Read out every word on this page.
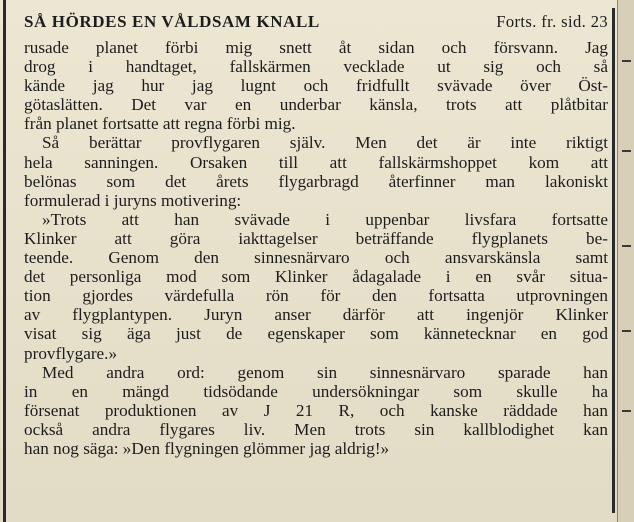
SÅ HÖRDES EN VÅLDSAM KNALL	Forts. fr. sid. 23
rusade planet förbi mig snett åt sidan och försvann. Jag
drog i handtaget, fallskärmen vecklade ut sig och så
kände jag hur jag lugnt och fridfullt svävade över Öst-
götaslätten. Det var en underbar känsla, trots att plåtbitar
från planet fortsatte att regna förbi mig.
Så berättar provflygaren själv. Men det är inte riktigt
hela sanningen. Orsaken till att fallskärmshoppet kom att
belönas som det årets flygarbragd återfinner man lakoniskt
formulerad i juryns motivering:
»Trots att han svävade i uppenbar livsfara fortsatte
Klinker att göra iakttagelser beträffande flygplanets be-
teende. Genom den sinnesnärvaro och ansvarskänsla samt
det personliga mod som Klinker ådagalade i en svår situa-
tion gjordes värdefulla rön för den fortsatta utprovningen
av flygplantypen. Juryn anser därför att ingenjör Klinker
visat sig äga just de egenskaper som kännetecknar en god
provflygare.»
Med andra ord: genom sin sinnesnärvaro sparade han
in en mängd tidsödande undersökningar som skulle ha
försenat produktionen av J 21 R, och kanske räddade han
också andra flygares liv. Men trots sin kallblodighet kan
han nog säga: »Den flygningen glömmer jag aldrig!»
